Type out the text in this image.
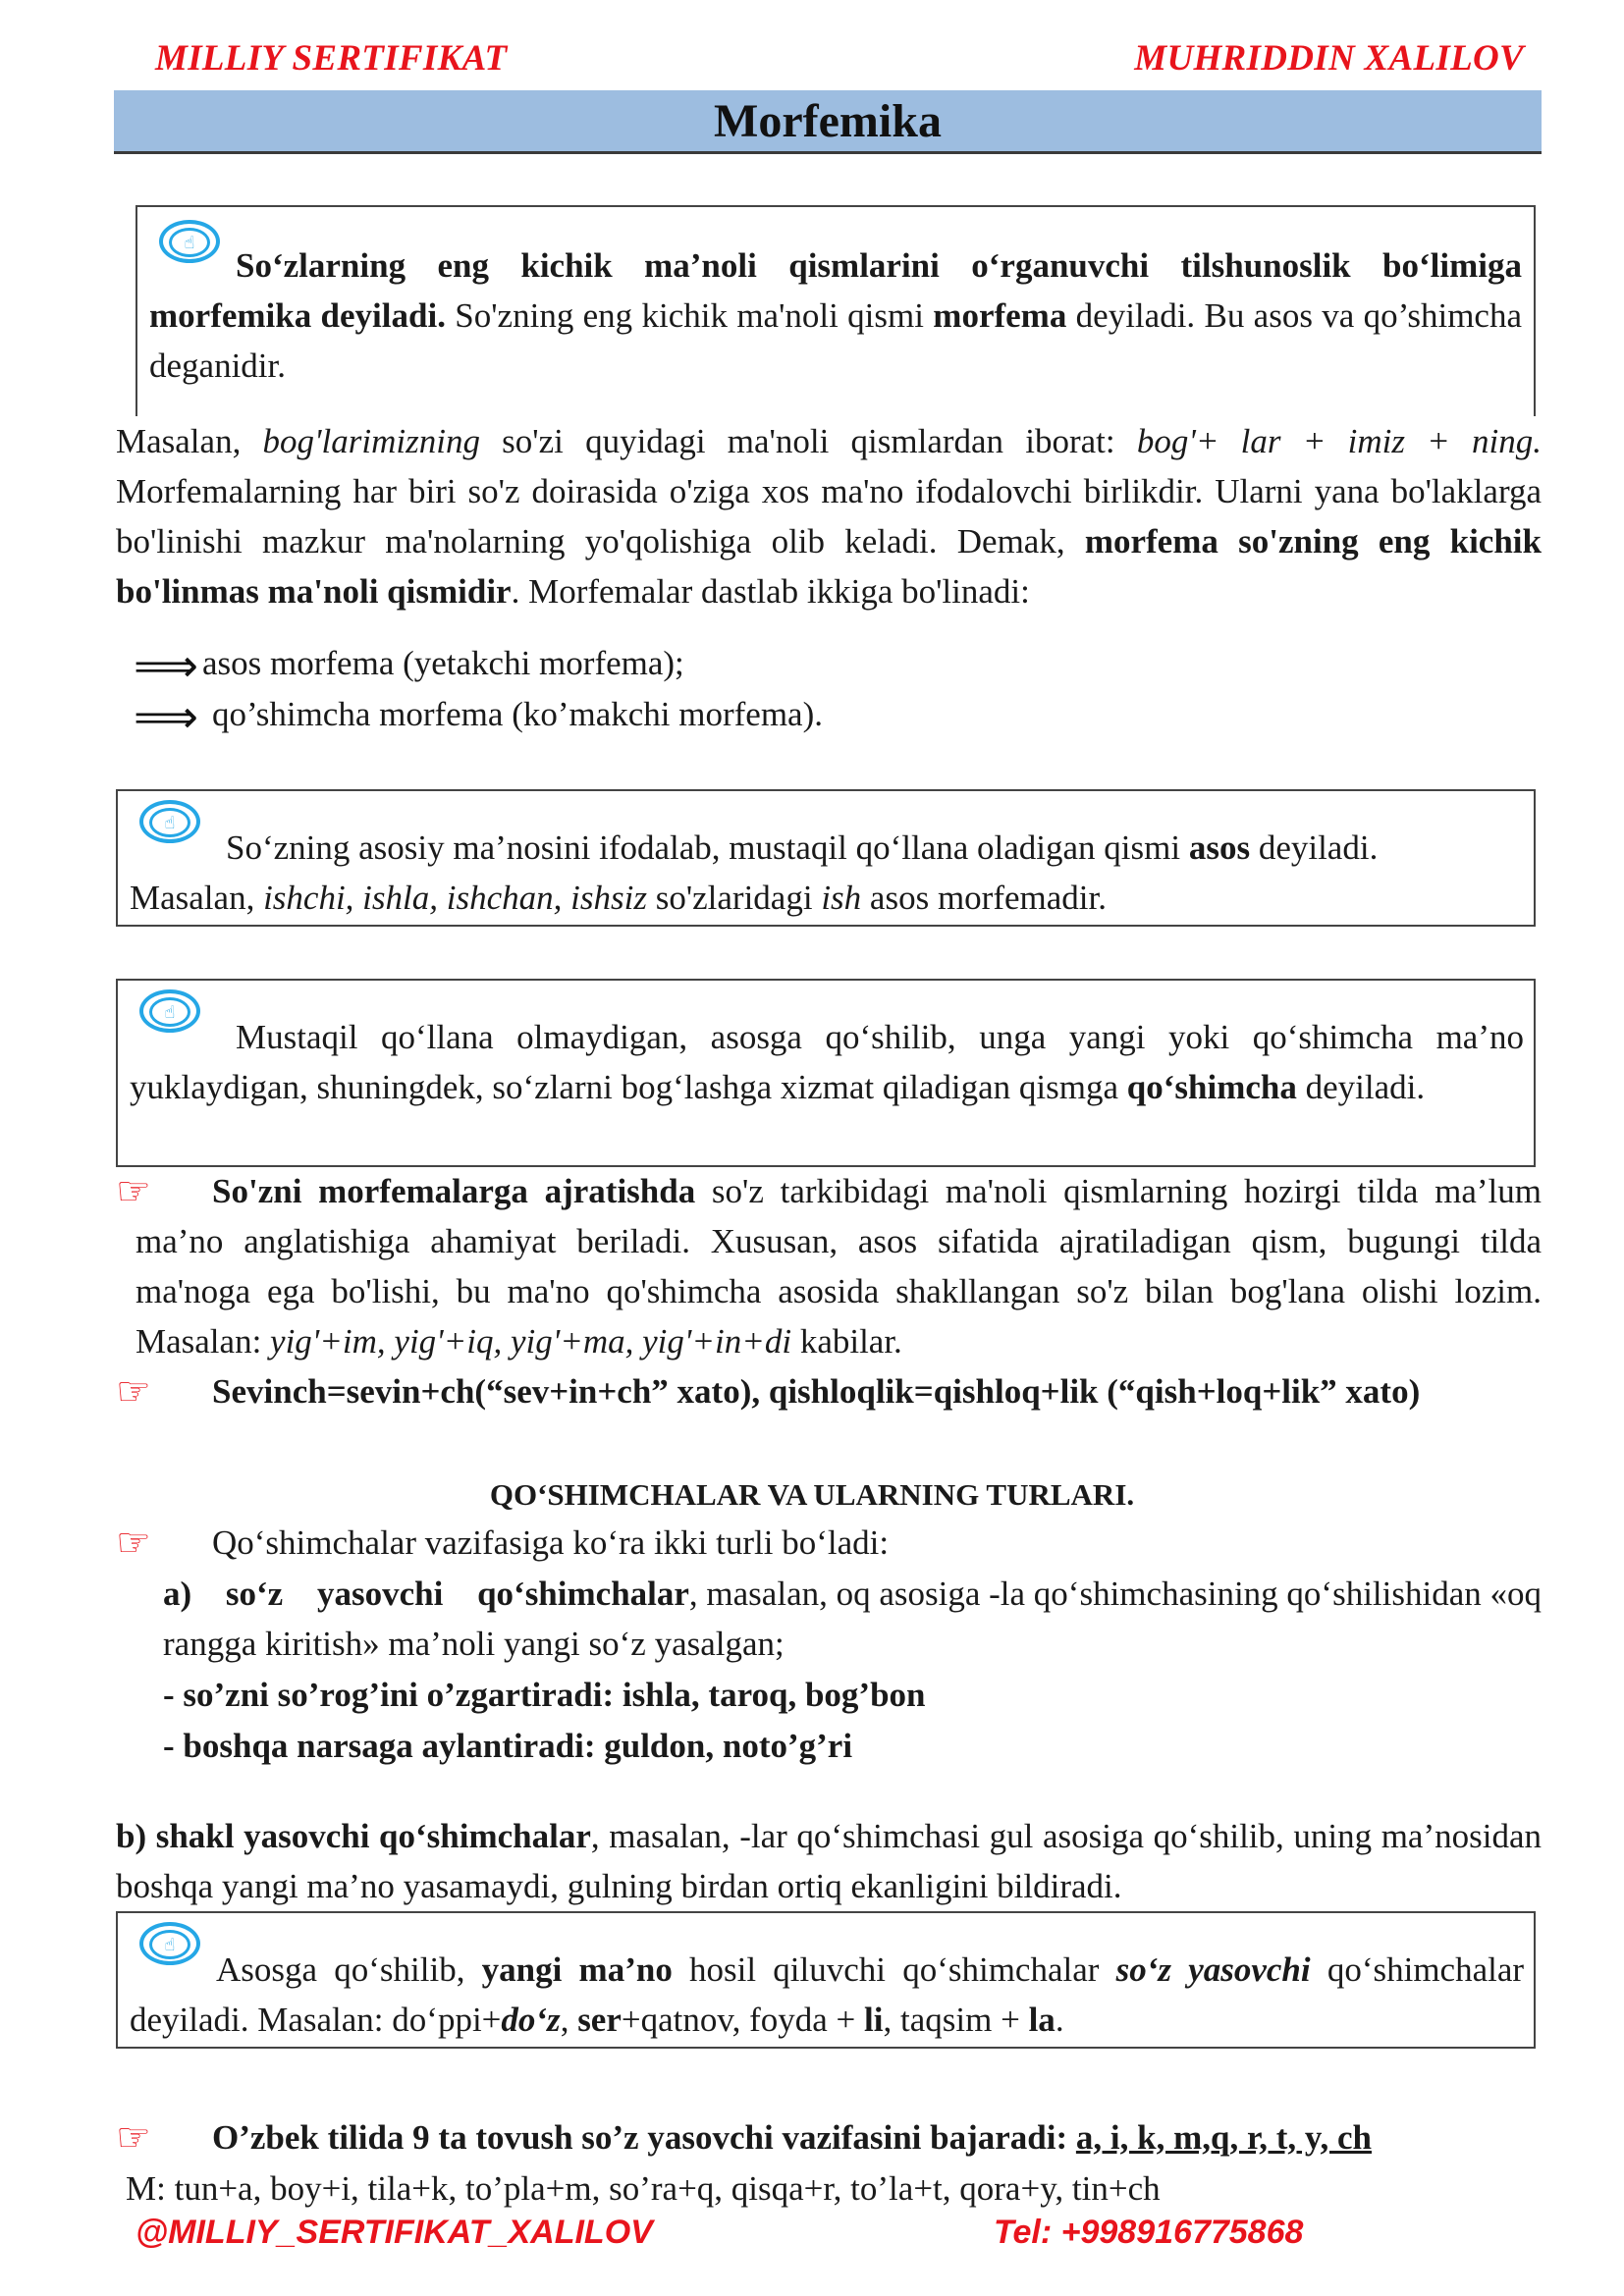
MILLIY SERTIFIKAT	MUHRIDDIN XALILOV
Morfemika
☝
So‘zlarning eng kichik ma’noli qismlarini o‘rganuvchi tilshunoslik bo‘limiga morfemika deyiladi. So'zning eng kichik ma'noli qismi morfema deyiladi. Bu asos va qo’shimcha deganidir.
Masalan, bog'larimizning so'zi quyidagi ma'noli qismlardan iborat: bog'+ lar + imiz + ning. Morfemalarning har biri so'z doirasida o'ziga xos ma'no ifodalovchi birlikdir. Ularni yana bo'laklarga bo'linishi mazkur ma'nolarning yo'qolishiga olib keladi. Demak, morfema so'zning eng kichik bo'linmas ma'noli qismidir. Morfemalar dastlab ikkiga bo'linadi:
⟹ asos morfema (yetakchi morfema);
⟹ qo’shimcha morfema (ko’makchi morfema).
☝
So‘zning asosiy ma’nosini ifodalab, mustaqil qo‘llana oladigan qismi asos deyiladi.
Masalan, ishchi, ishla, ishchan, ishsiz so'zlaridagi ish asos morfemadir.
☝
Mustaqil qo‘llana olmaydigan, asosga qo‘shilib, unga yangi yoki qo‘shimcha ma’no yuklaydigan, shuningdek, so‘zlarni bog‘lashga xizmat qiladigan qismga qo‘shimcha deyiladi.
☞	So'zni morfemalarga ajratishda so'z tarkibidagi ma'noli qismlarning hozirgi tilda ma’lum ma’no anglatishiga ahamiyat beriladi. Xususan, asos sifatida ajratiladigan qism, bugungi tilda ma'noga ega bo'lishi, bu ma'no qo'shimcha asosida shakllangan so'z bilan bog'lana olishi lozim. Masalan: yig'+im, yig'+iq, yig'+ma, yig'+in+di kabilar.
☞	Sevinch=sevin+ch(“sev+in+ch” xato), qishloqlik=qishloq+lik (“qish+loq+lik” xato)
QO‘SHIMCHALAR VA ULARNING TURLARI.
☞ Qo‘shimchalar vazifasiga ko‘ra ikki turli bo‘ladi:
a) so‘z yasovchi qo‘shimchalar, masalan, oq asosiga -la qo‘shimchasining qo‘shilishidan «oq rangga kiritish» ma’noli yangi so‘z yasalgan;
- so’zni so’rog’ini o’zgartiradi: ishla, taroq, bog’bon
- boshqa narsaga aylantiradi: guldon, noto’g’ri
b) shakl yasovchi qo‘shimchalar, masalan, -lar qo‘shimchasi gul asosiga qo‘shilib, uning ma’nosidan boshqa yangi ma’no yasamaydi, gulning birdan ortiq ekanligini bildiradi.
☝
Asosga qo‘shilib, yangi ma’no hosil qiluvchi qo‘shimchalar so‘z yasovchi qo‘shimchalar deyiladi. Masalan: do‘ppi+do‘z, ser+qatnov, foyda + li, taqsim + la.
☞ O’zbek tilida 9 ta tovush so’z yasovchi vazifasini bajaradi: a, i, k, m,q, r, t, y, ch
M: tun+a, boy+i, tila+k, to’pla+m, so’ra+q, qisqa+r, to’la+t, qora+y, tin+ch
@MILLIY_SERTIFIKAT_XALILOV	Tel: +998916775868
